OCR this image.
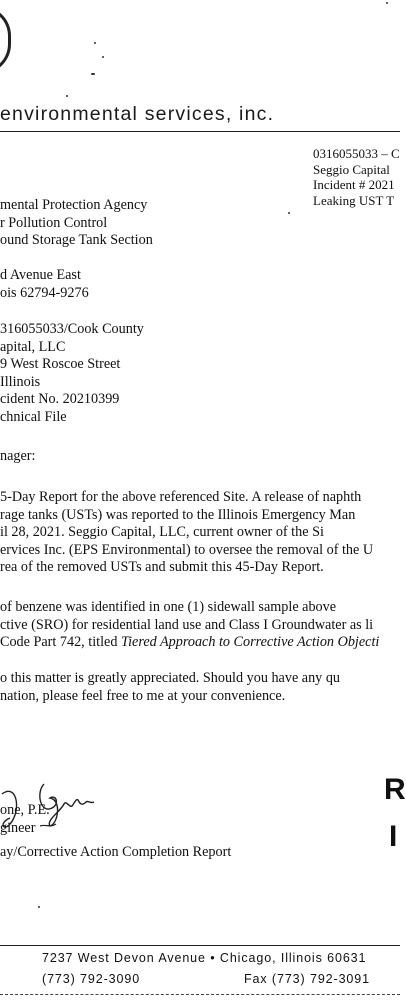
environmental services, inc.
0316055033 – C
Seggio Capital
Incident # 2021
Leaking UST T
mental Protection Agency
r Pollution Control
ound Storage Tank Section
d Avenue East
ois 62794-9276
316055033/Cook County
apital, LLC
9 West Roscoe Street
Illinois
cident No. 20210399
chnical File
nager:
5-Day Report for the above referenced Site. A release of naphth
rage tanks (USTs) was reported to the Illinois Emergency Man
il 28, 2021. Seggio Capital, LLC, current owner of the Si
ervices Inc. (EPS Environmental) to oversee the removal of the U
rea of the removed USTs and submit this 45-Day Report.
of benzene was identified in one (1) sidewall sample above
ctive (SRO) for residential land use and Class I Groundwater as li
Code Part 742, titled Tiered Approach to Corrective Action Objecti
o this matter is greatly appreciated. Should you have any qu
nation, please feel free to me at your convenience.
one, P.E.
gineer
ay/Corrective Action Completion Report
R
I
7237 West Devon Avenue • Chicago, Illinois 60631
(773) 792-3090	Fax (773) 792-3091
